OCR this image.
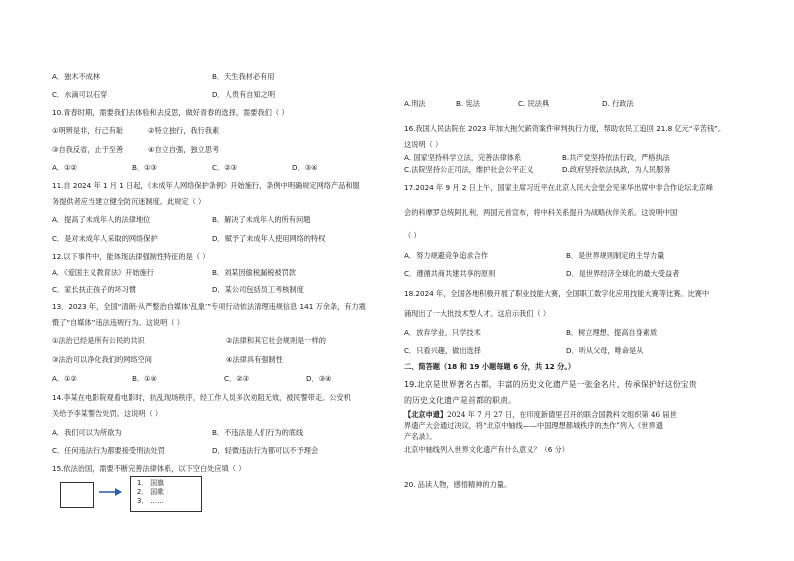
A．独木不成林	B．天生我材必有用
C．水滴可以石穿	D．人贵有自知之明
10.青春时期，需要我们去体验和去反思，做好青春的选择，需要我们（ ）
①明辨是非，行己有耻	②特立独行，我行我素
③自我反省，止于至善	④自立自强，独立思考
A．①②	B．①③	C．②③	D．③④
11.自 2024 年 1 月 1 日起，《未成年人网络保护条例》开始施行，条例中明确规定网络产品和服
务提供者应当建立健全防沉迷制度。此规定（ ）
A．提高了未成年人的法律地位	B．解决了未成年人的所有问题
C．是对未成年人采取的网络保护	D．赋予了未成年人使用网络的特权
12.以下事件中，能体现法律强制性特征的是（ ）
A．《爱国主义教育法》开始施行	B．刘某因偷税漏税被罚款
C．家长扶正孩子的坏习惯	D．某公司包括员工考核制度
13．2023 年，全国“清朗·从严整治自媒体‘乱象’”专项行动依法清理违规信息 141 万余条，有力震
慑了“自媒体”违法违规行为。这说明（ ）
①法治已经是所有公民的共识	②法律和其它社会规则是一样的
③法治可以净化我们的网络空间	④法律具有强制性
A．①②	B．①④	C．②③	D．③④
14.李某在电影院观看电影时，抗乱现场秩序，经工作人员多次劝阻无效，被民警带走。公安机
关给予李某警告处罚。这说明（ ）
A．我们可以为所欲为	B．不违法是人们行为的底线
C．任何违法行为都要接受刑法处罚	D．轻微违法行为都可以不予理会
15.依法治国，需要不断完善法律体系，以下空白处应填（ ）
1． 国旗
2． 国歌
3． ……
A.刑法	B. 宪法	C. 民法典	D. 行政法
16.我国人民法院在 2023 年加大拖欠薪资案件审判执行力度，帮助农民工追回 21.8 亿元“辛苦钱”。
这说明（ ）
A. 国家坚持科学立法，完善法律体系	B.共产党坚持依法行政，严格执法
C.法院坚持公正司法，维护社会公平正义	D.政府坚持依法执政，为人民服务
17.2024 年 9 月 2 日上午，国家主席习近平在北京人民大会堂会见来华出席中非合作论坛北京峰
会的科摩罗总统阿扎利，两国元首宣布，将中科关系提升为战略伙伴关系。这说明中国
（ ）
A．努力规避竞争追求合作	B．是世界规则制定的主导力量
C．遵循共商共建共享的原则	D．是世界经济全球化的最大受益者
18.2024 年，全国各地积极开展了职业技能大赛，全国职工数字化应用技能大赛等比赛。比赛中
涌现出了一大批技术型人才。这启示我们（ ）
A．放弃学业，只学技术	B．树立理想，提高自身素质
C．只看兴趣，做出选择	D．听从父母，唯命是从
二、简答题（18 和 19 小题每题 6 分，共 12 分。）
19.北京是世界著名古都，丰富的历史文化遗产是一张金名片，传承保护好这份宝贵
的历史文化遗产是首都的职责。
【北京申遗】2024 年 7 月 27 日，在印度新德里召开的联合国教科文组织第 46 届世
界遗产大会通过决议，将“北京中轴线——中国理想都城秩序的杰作”列入《世界遗
产名录》。
北京中轴线列入世界文化遗产有什么意义？（6 分）
20. 品读人物，感悟精神的力量。
